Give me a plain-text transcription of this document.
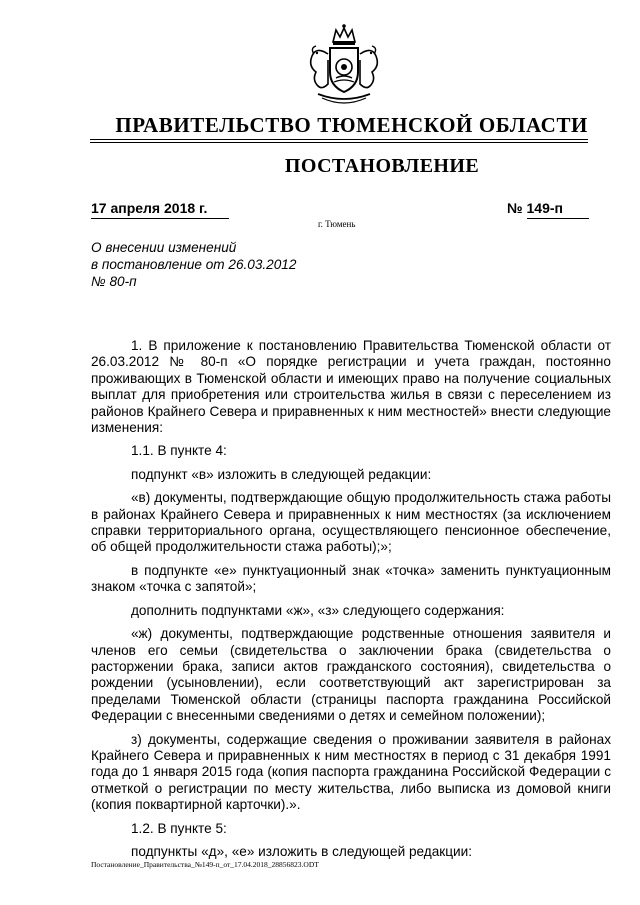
ПРАВИТЕЛЬСТВО ТЮМЕНСКОЙ ОБЛАСТИ
ПОСТАНОВЛЕНИЕ
17 апреля 2018 г.	№ 149-п
г. Тюмень
О внесении изменений
в постановление от 26.03.2012
№ 80-п

1. В приложение к постановлению Правительства Тюменской области от 26.03.2012 № 80-п «О порядке регистрации и учета граждан, постоянно проживающих в Тюменской области и имеющих право на получение социальных выплат для приобретения или строительства жилья в связи с переселением из районов Крайнего Севера и приравненных к ним местностей» внести следующие изменения:

1.1. В пункте 4:

подпункт «в» изложить в следующей редакции:

«в) документы, подтверждающие общую продолжительность стажа работы в районах Крайнего Севера и приравненных к ним местностях (за исключением справки территориального органа, осуществляющего пенсионное обеспечение, об общей продолжительности стажа работы);»;

в подпункте «е» пунктуационный знак «точка» заменить пунктуационным знаком «точка с запятой»;

дополнить подпунктами «ж», «з» следующего содержания:

«ж) документы, подтверждающие родственные отношения заявителя и членов его семьи (свидетельства о заключении брака (свидетельства о расторжении брака, записи актов гражданского состояния), свидетельства о рождении (усыновлении), если соответствующий акт зарегистрирован за пределами Тюменской области (страницы паспорта гражданина Российской Федерации с внесенными сведениями о детях и семейном положении);

з) документы, содержащие сведения о проживании заявителя в районах Крайнего Севера и приравненных к ним местностях в период с 31 декабря 1991 года до 1 января 2015 года (копия паспорта гражданина Российской Федерации с отметкой о регистрации по месту жительства, либо выписка из домовой книги (копия поквартирной карточки).».

1.2. В пункте 5:

подпункты «д», «е» изложить в следующей редакции:

Постановление_Правительства_№149-п_от_17.04.2018_28856823.ODT
